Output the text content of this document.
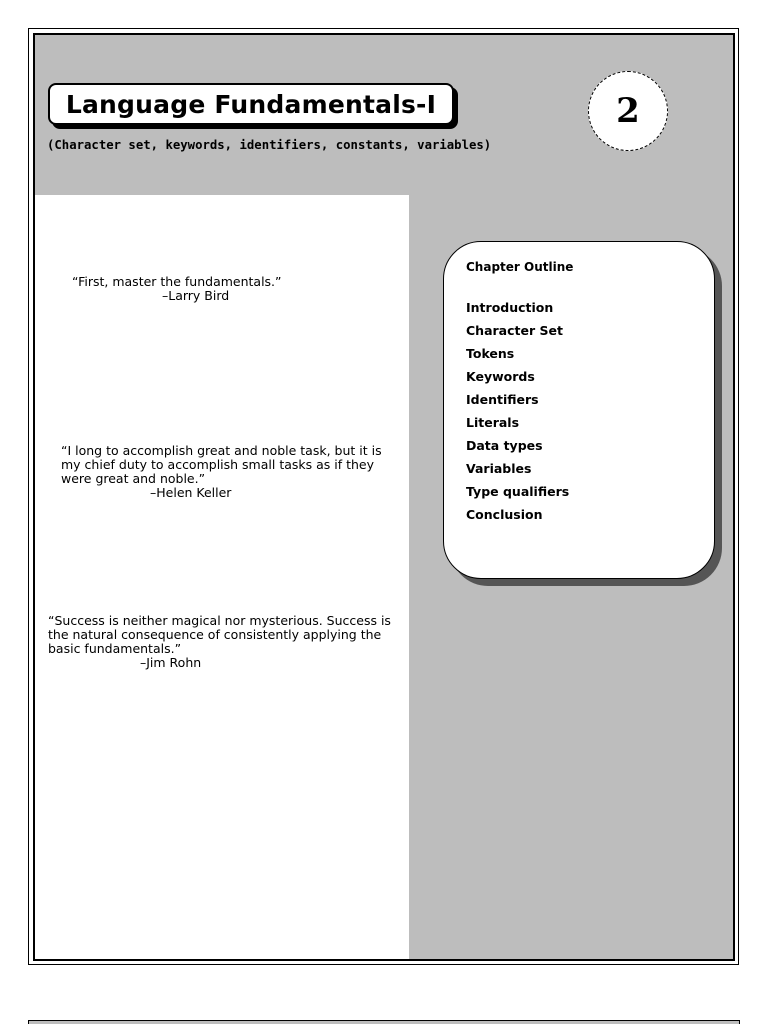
Language Fundamentals-I
(Character set, keywords, identifiers, constants, variables)
2
“First, master the fundamentals.”
–Larry Bird
“I long to accomplish great and noble task, but it is
my chief duty to accomplish small tasks as if they
were great and noble.”
–Helen Keller
“Success is neither magical nor mysterious. Success is
the natural consequence of consistently applying the
basic fundamentals.”
–Jim Rohn
Chapter Outline
Introduction
Character Set
Tokens
Keywords
Identifiers
Literals
Data types
Variables
Type qualifiers
Conclusion
